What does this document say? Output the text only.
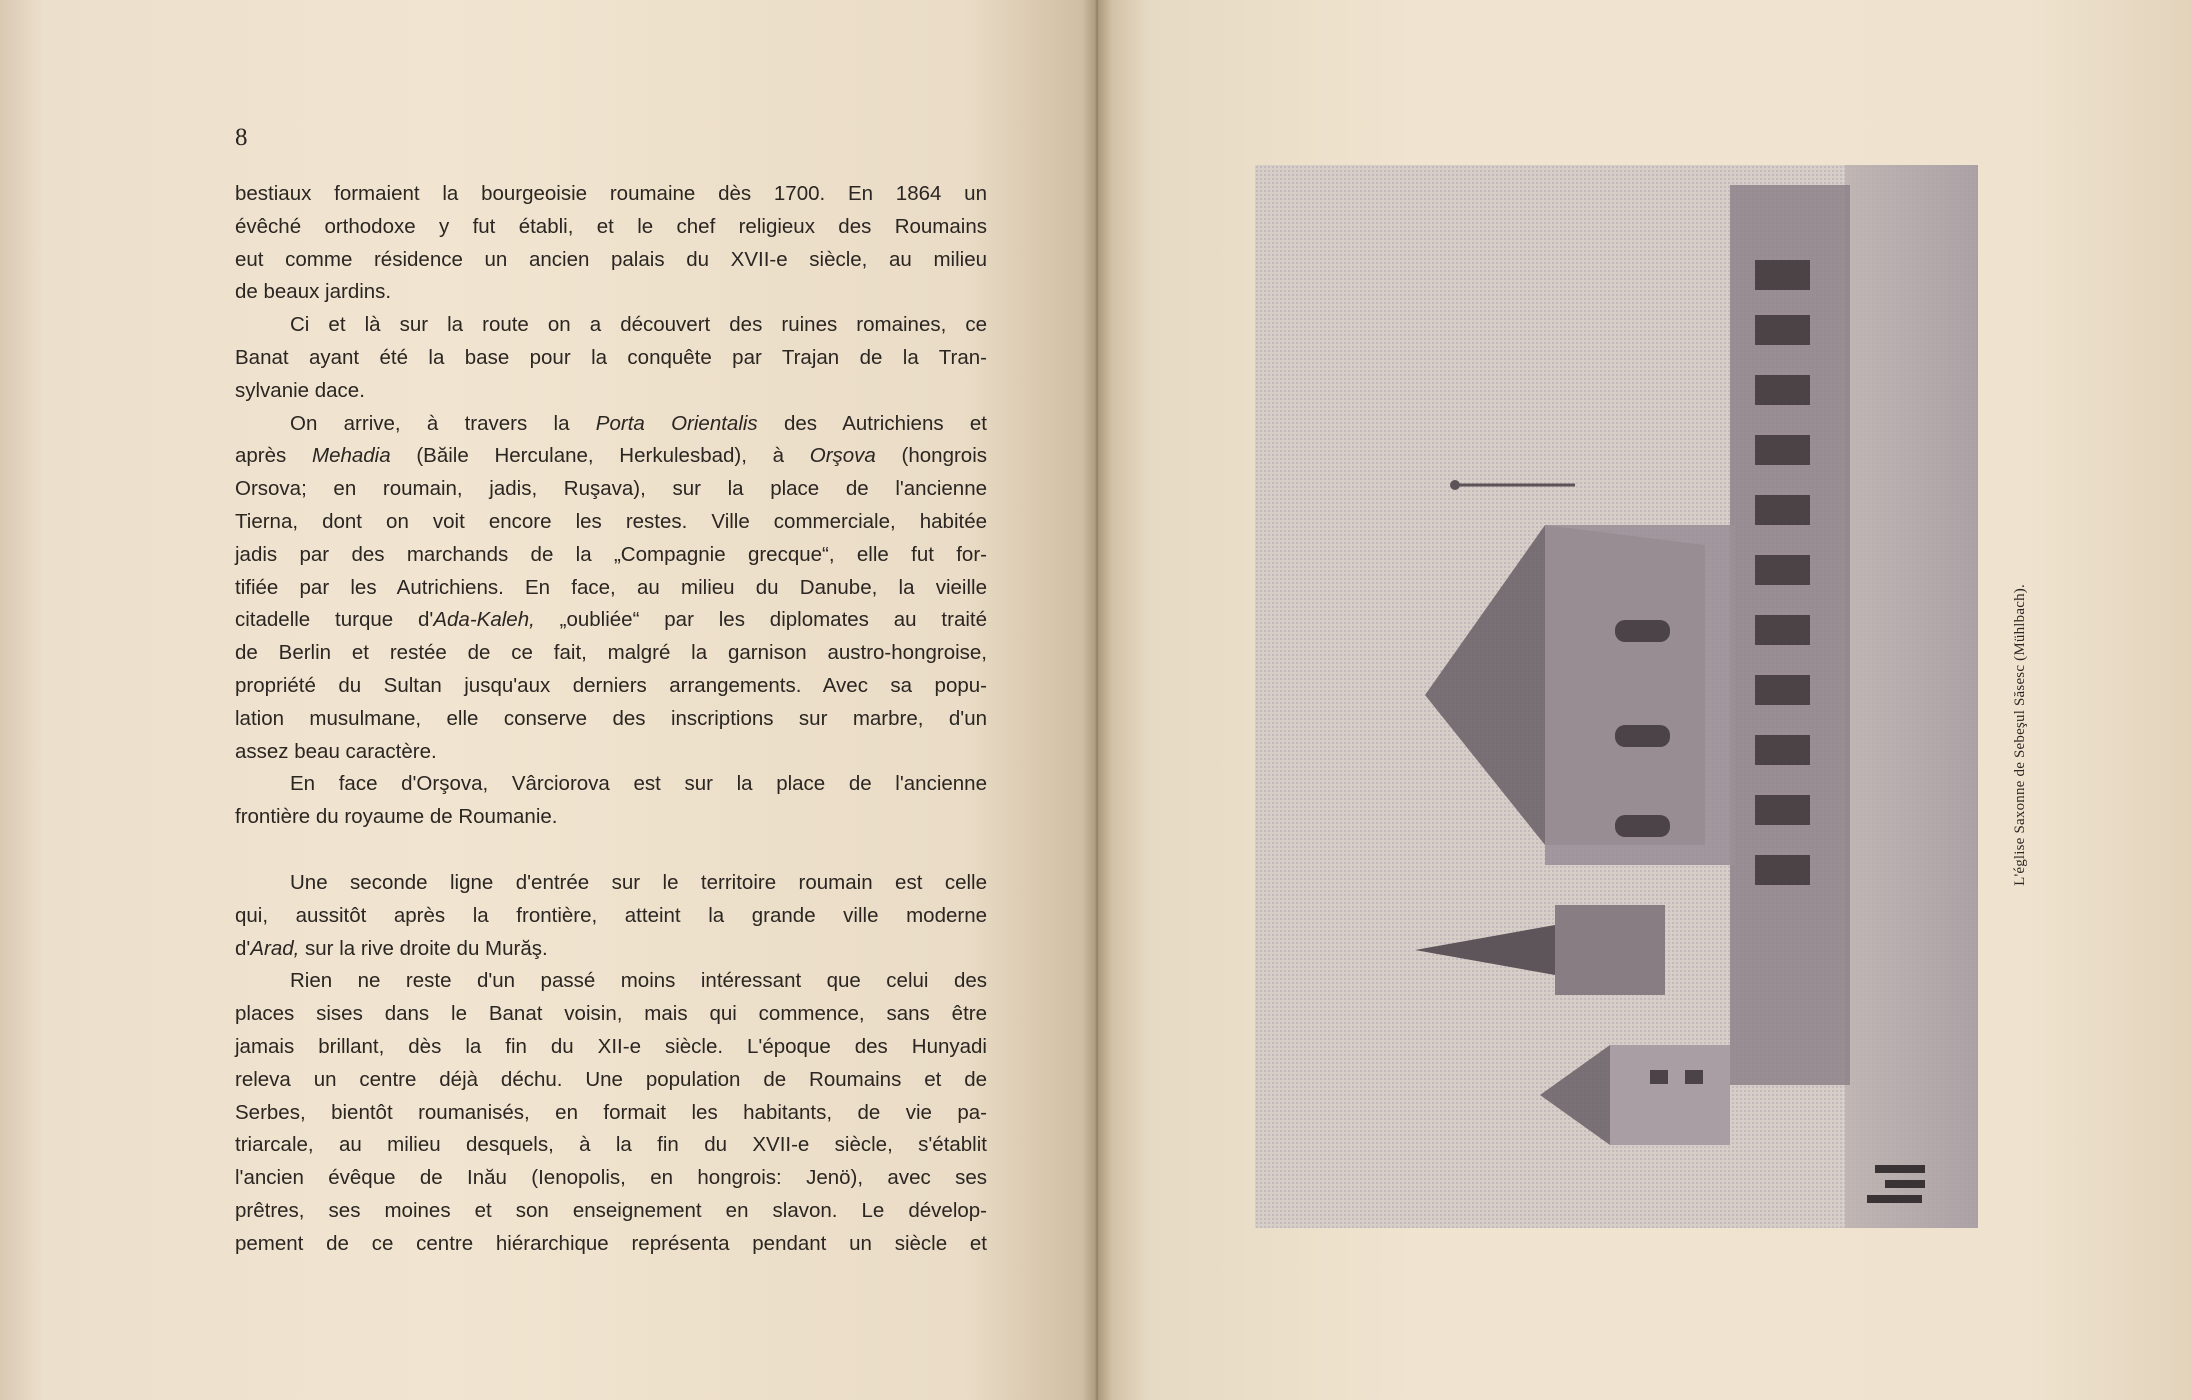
8

bestiaux formaient la bourgeoisie roumaine dès 1700. En 1864 un

évêché orthodoxe y fut établi, et le chef religieux des Roumains

eut comme résidence un ancien palais du XVII-e siècle, au milieu

de beaux jardins.

Ci et là sur la route on a découvert des ruines romaines, ce

Banat ayant été la base pour la conquête par Trajan de la Tran-

sylvanie dace.

On arrive, à travers la Porta Orientalis des Autrichiens et

après Mehadia (Băile Herculane, Herkulesbad), à Orşova (hongrois

Orsova; en roumain, jadis, Ruşava), sur la place de l'ancienne

Tierna, dont on voit encore les restes. Ville commerciale, habitée

jadis par des marchands de la „Compagnie grecque“, elle fut for-

tifiée par les Autrichiens. En face, au milieu du Danube, la vieille

citadelle turque d'Ada-Kaleh, „oubliée“ par les diplomates au traité

de Berlin et restée de ce fait, malgré la garnison austro-hongroise,

propriété du Sultan jusqu'aux derniers arrangements. Avec sa popu-

lation musulmane, elle conserve des inscriptions sur marbre, d'un

assez beau caractère.

En face d'Orşova, Vârciorova est sur la place de l'ancienne

frontière du royaume de Roumanie.

Une seconde ligne d'entrée sur le territoire roumain est celle

qui, aussitôt après la frontière, atteint la grande ville moderne

d'Arad, sur la rive droite du Murăş.

Rien ne reste d'un passé moins intéressant que celui des

places sises dans le Banat voisin, mais qui commence, sans être

jamais brillant, dès la fin du XII-e siècle. L'époque des Hunyadi

releva un centre déjà déchu. Une population de Roumains et de

Serbes, bientôt roumanisés, en formait les habitants, de vie pa-

triarcale, au milieu desquels, à la fin du XVII-e siècle, s'établit

l'ancien évêque de Inău (Ienopolis, en hongrois: Jenö), avec ses

prêtres, ses moines et son enseignement en slavon. Le dévelop-

pement de ce centre hiérarchique représenta pendant un siècle et

L'église Saxonne de Sebeşul Săsesc (Mühlbach).
